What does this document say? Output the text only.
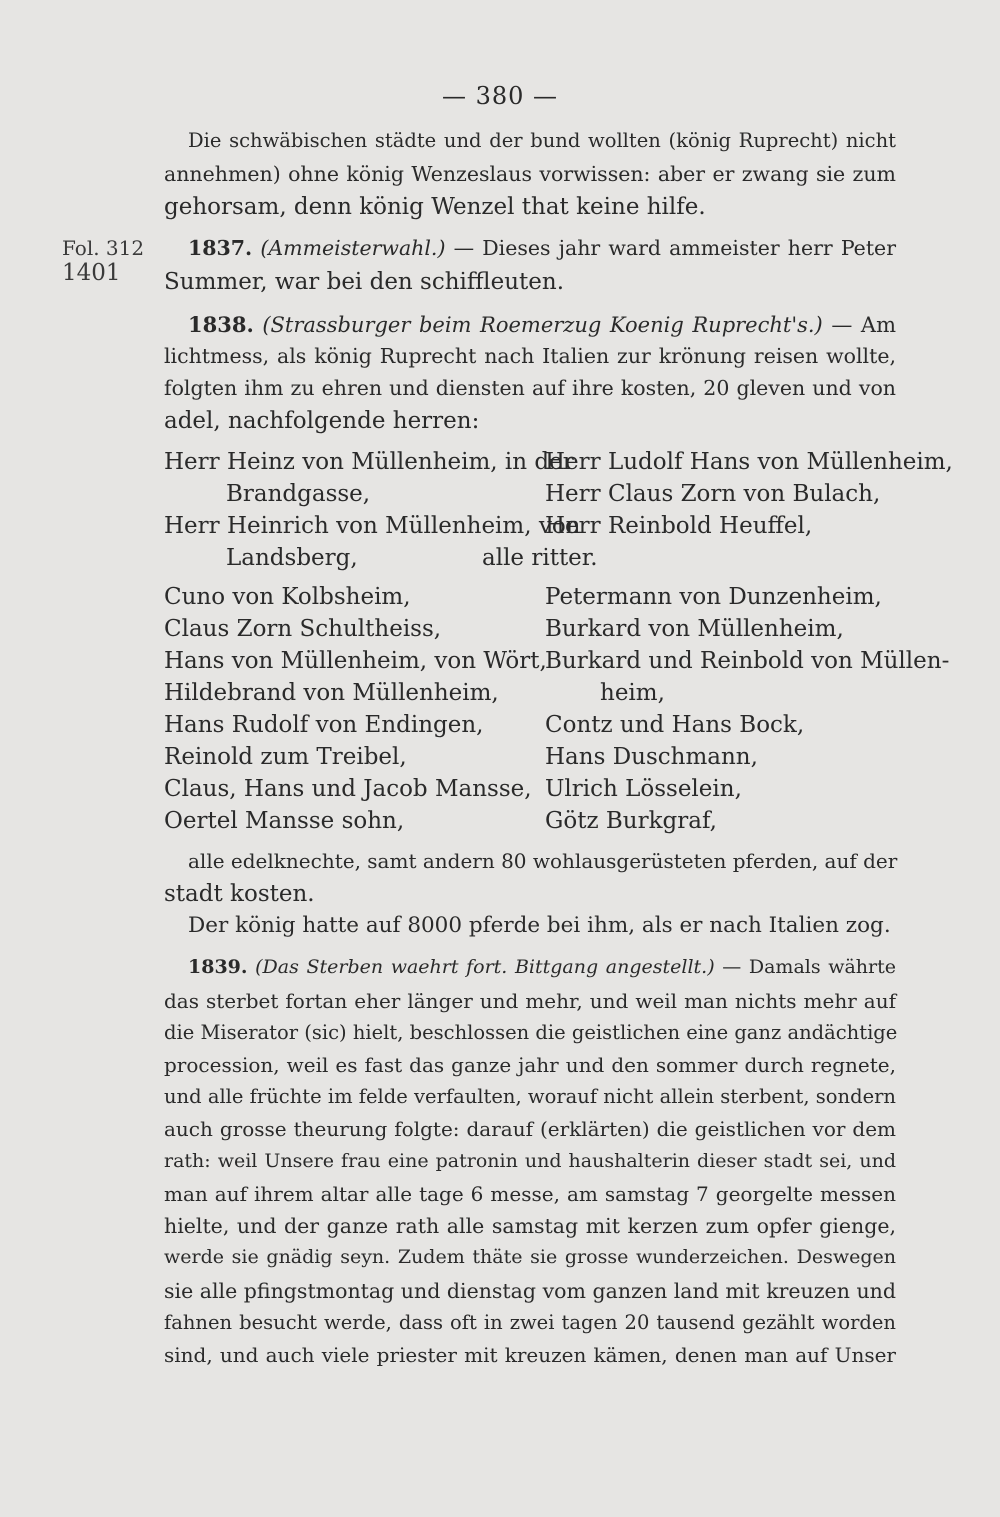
— 380 —
Fol. 312
1401
Die schwäbischen städte und der bund wollten (könig Ruprecht) nicht
annehmen) ohne könig Wenzeslaus vorwissen: aber er zwang sie zum
gehorsam, denn könig Wenzel that keine hilfe.
1837. (Ammeisterwahl.) — Dieses jahr ward ammeister herr Peter
Summer, war bei den schiffleuten.
1838. (Strassburger beim Roemerzug Koenig Ruprecht's.) — Am
lichtmess, als könig Ruprecht nach Italien zur krönung reisen wollte,
folgten ihm zu ehren und diensten auf ihre kosten, 20 gleven und von
adel, nachfolgende herren:
Herr Heinz von Müllenheim, in der
Brandgasse,
Herr Heinrich von Müllenheim, von
Landsberg,
Herr Ludolf Hans von Müllenheim,
Herr Claus Zorn von Bulach,
Herr Reinbold Heuffel,
alle ritter.
Cuno von Kolbsheim,
Claus Zorn Schultheiss,
Hans von Müllenheim, von Wört,
Hildebrand von Müllenheim,
Hans Rudolf von Endingen,
Reinold zum Treibel,
Claus, Hans und Jacob Mansse,
Oertel Mansse sohn,
Petermann von Dunzenheim,
Burkard von Müllenheim,
Burkard und Reinbold von Müllen-
heim,
Contz und Hans Bock,
Hans Duschmann,
Ulrich Lösselein,
Götz Burkgraf,
alle edelknechte, samt andern 80 wohlausgerüsteten pferden, auf der
stadt kosten.
Der könig hatte auf 8000 pferde bei ihm, als er nach Italien zog.
1839. (Das Sterben waehrt fort. Bittgang angestellt.) — Damals währte
das sterbet fortan eher länger und mehr, und weil man nichts mehr auf
die Miserator (sic) hielt, beschlossen die geistlichen eine ganz andächtige
procession, weil es fast das ganze jahr und den sommer durch regnete,
und alle früchte im felde verfaulten, worauf nicht allein sterbent, sondern
auch grosse theurung folgte: darauf (erklärten) die geistlichen vor dem
rath: weil Unsere frau eine patronin und haushalterin dieser stadt sei, und
man auf ihrem altar alle tage 6 messe, am samstag 7 georgelte messen
hielte, und der ganze rath alle samstag mit kerzen zum opfer gienge,
werde sie gnädig seyn. Zudem thäte sie grosse wunderzeichen. Deswegen
sie alle pfingstmontag und dienstag vom ganzen land mit kreuzen und
fahnen besucht werde, dass oft in zwei tagen 20 tausend gezählt worden
sind, und auch viele priester mit kreuzen kämen, denen man auf Unser
